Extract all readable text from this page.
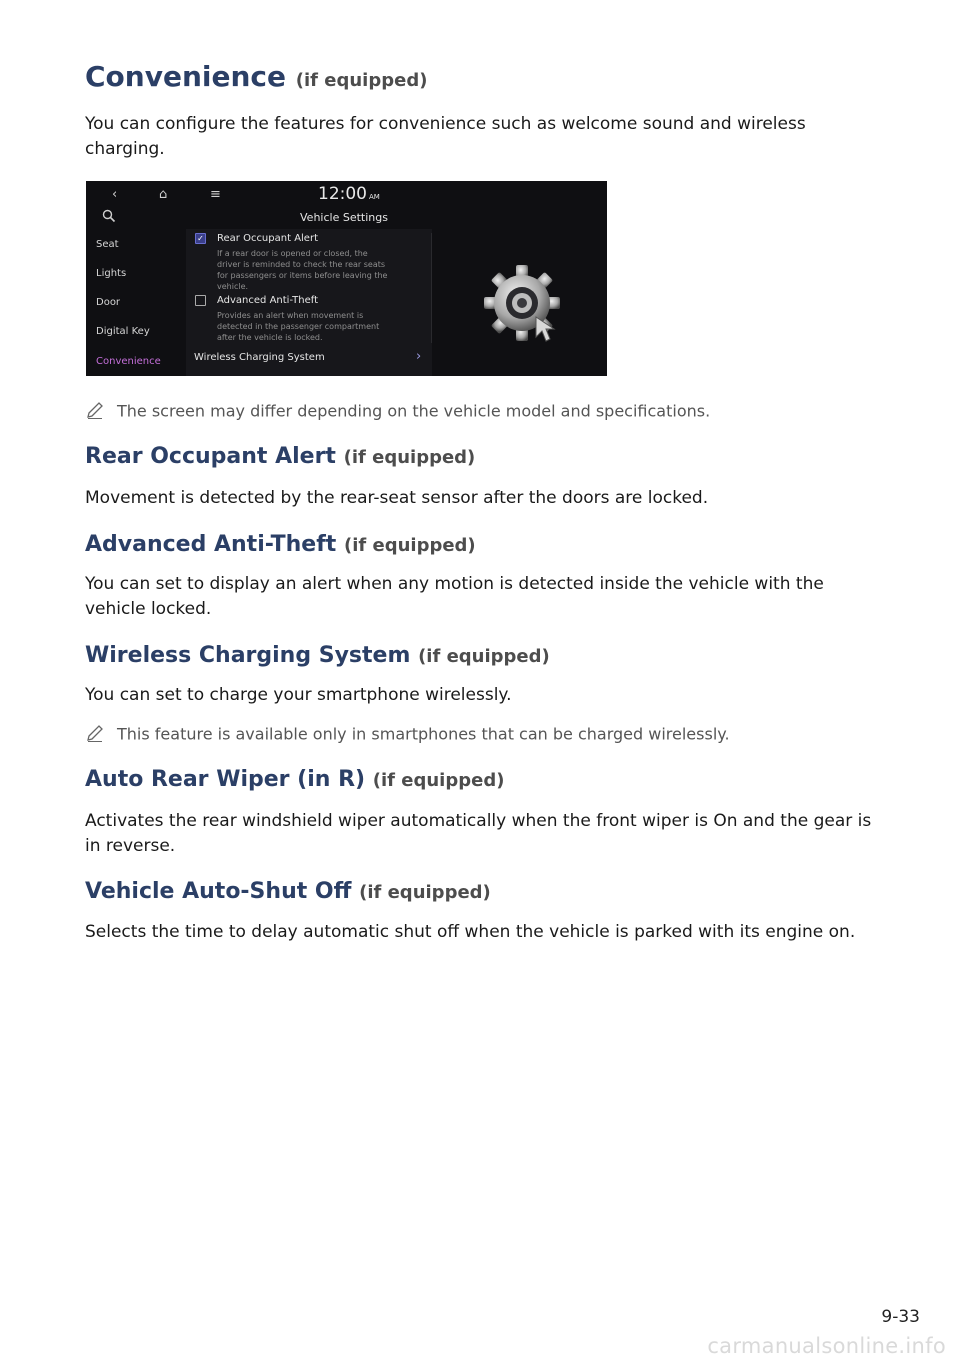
Convenience (if equipped)
You can configure the features for convenience such as welcome sound and wireless charging.
‹	⌂	≡	12:00 AM
Vehicle Settings
Seat
Lights
Door
Digital Key
Convenience
✓ Rear Occupant Alert
If a rear door is opened or closed, the
driver is reminded to check the rear seats
for passengers or items before leaving the
vehicle.
Advanced Anti-Theft
Provides an alert when movement is
detected in the passenger compartment
after the vehicle is locked.
Wireless Charging System	›
The screen may differ depending on the vehicle model and specifications.
Rear Occupant Alert (if equipped)
Movement is detected by the rear-seat sensor after the doors are locked.
Advanced Anti-Theft (if equipped)
You can set to display an alert when any motion is detected inside the vehicle with the vehicle locked.
Wireless Charging System (if equipped)
You can set to charge your smartphone wirelessly.
This feature is available only in smartphones that can be charged wirelessly.
Auto Rear Wiper (in R) (if equipped)
Activates the rear windshield wiper automatically when the front wiper is On and the gear is in reverse.
Vehicle Auto-Shut Off (if equipped)
Selects the time to delay automatic shut off when the vehicle is parked with its engine on.
9-33
carmanualsonline.info
